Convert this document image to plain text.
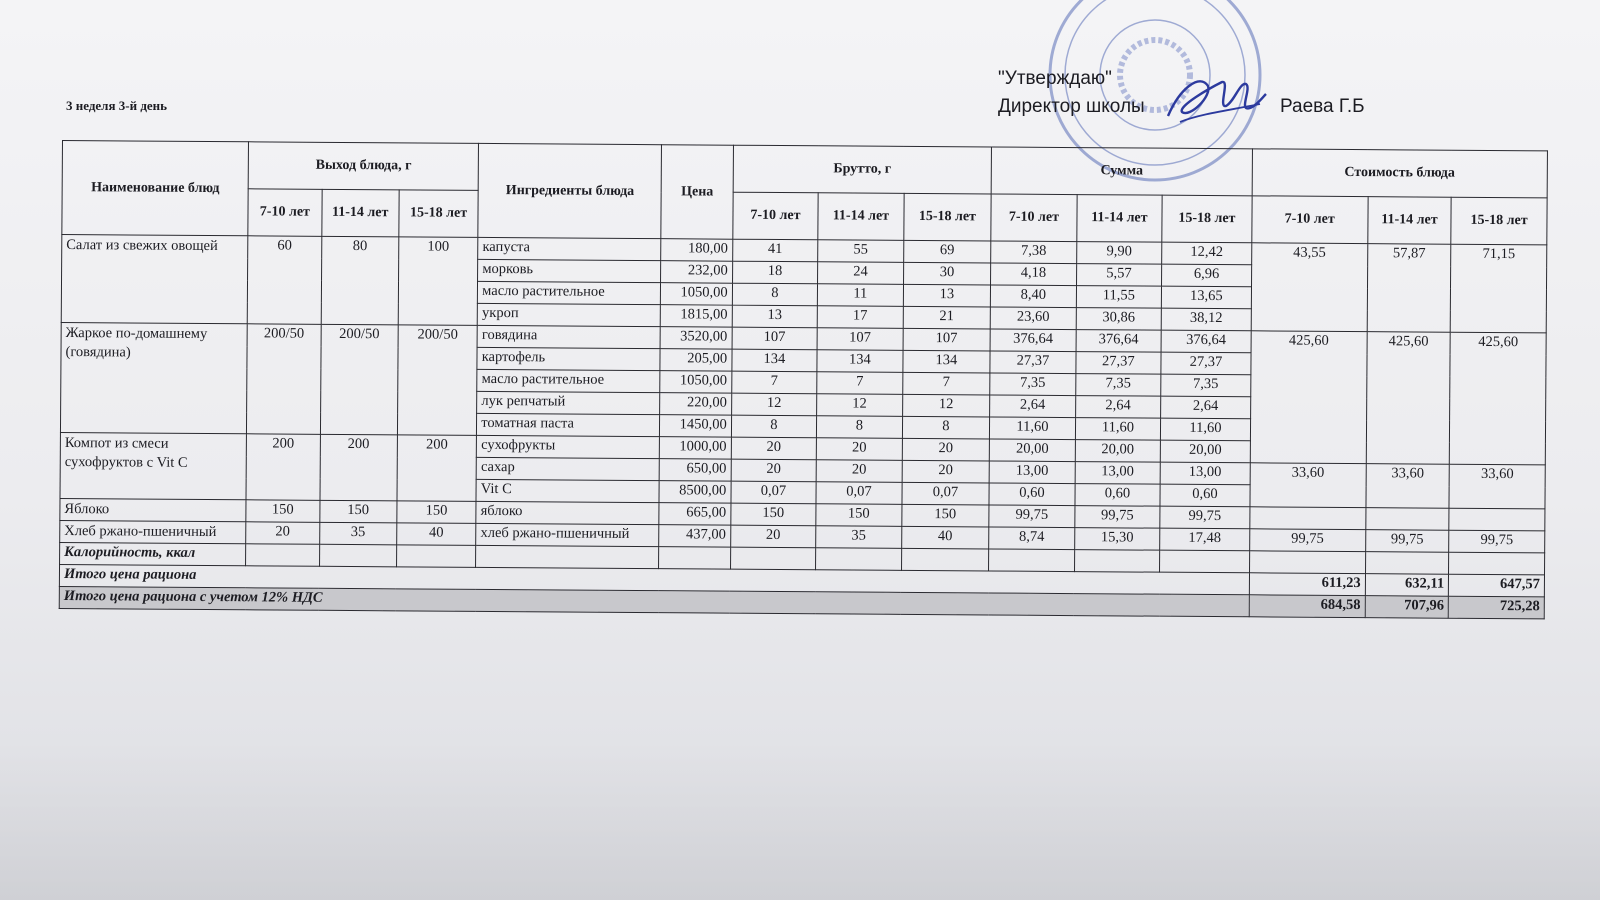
3 неделя 3-й день
"Утверждаю"
Директор школы	Раева Г.Б
Наименование блюд	Выход блюда, г			Ингредиенты блюда	Цена	Брутто, г			Сумма			Стоимость блюда		
	7-10 лет	11-14 лет	15-18 лет			7-10 лет	11-14 лет	15-18 лет	7-10 лет	11-14 лет	15-18 лет	7-10 лет	11-14 лет	15-18 лет
Салат из свежих овощей	60	80	100	капуста	180,00	41	55	69	7,38	9,90	12,42	43,55	57,87	71,15
				морковь	232,00	18	24	30	4,18	5,57	6,96			
				масло растительное	1050,00	8	11	13	8,40	11,55	13,65			
				укроп	1815,00	13	17	21	23,60	30,86	38,12			
Жаркое по-домашнему (говядина)	200/50	200/50	200/50	говядина	3520,00	107	107	107	376,64	376,64	376,64	425,60	425,60	425,60
				картофель	205,00	134	134	134	27,37	27,37	27,37			
				масло растительное	1050,00	7	7	7	7,35	7,35	7,35			
				лук репчатый	220,00	12	12	12	2,64	2,64	2,64			
				томатная паста	1450,00	8	8	8	11,60	11,60	11,60			
Компот из смеси сухофруктов с Vit C	200	200	200	сухофрукты	1000,00	20	20	20	20,00	20,00	20,00			
				сахар	650,00	20	20	20	13,00	13,00	13,00	33,60	33,60	33,60
				Vit C	8500,00	0,07	0,07	0,07	0,60	0,60	0,60			
Яблоко	150	150	150	яблоко	665,00	150	150	150	99,75	99,75	99,75			
Хлеб ржано-пшеничный	20	35	40	хлеб ржано-пшеничный	437,00	20	35	40	8,74	15,30	17,48	99,75	99,75	99,75
Калорийность, ккал														
Итого цена рациона												611,23	632,11	647,57
Итого цена рациона с учетом 12% НДС												684,58	707,96	725,28
